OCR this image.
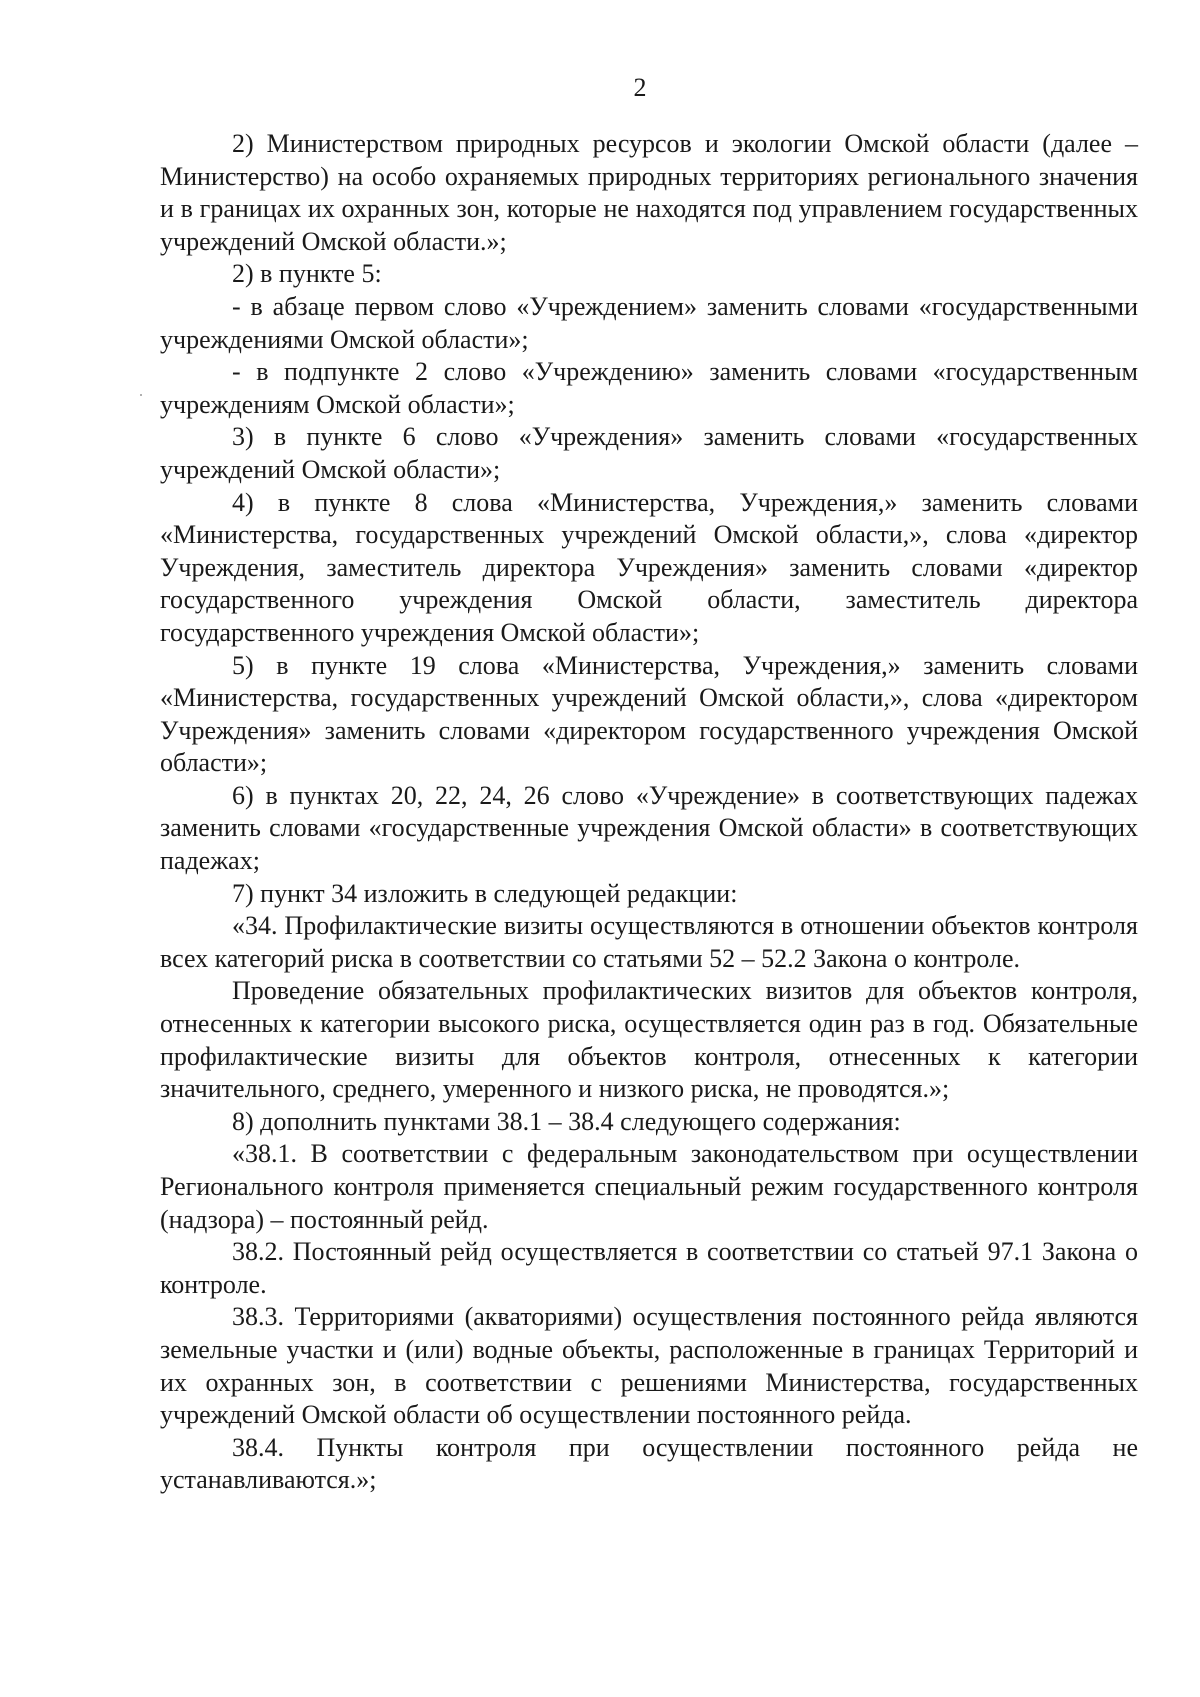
2

2) Министерством природных ресурсов и экологии Омской области (далее – Министерство) на особо охраняемых природных территориях регионального значения и в границах их охранных зон, которые не находятся под управлением государственных учреждений Омской области.»;

2) в пункте 5:

- в абзаце первом слово «Учреждением» заменить словами «государственными учреждениями Омской области»;

- в подпункте 2 слово «Учреждению» заменить словами «государственным учреждениям Омской области»;

3) в пункте 6 слово «Учреждения» заменить словами «государственных учреждений Омской области»;

4) в пункте 8 слова «Министерства, Учреждения,» заменить словами «Министерства, государственных учреждений Омской области,», слова «директор Учреждения, заместитель директора Учреждения» заменить словами «директор государственного учреждения Омской области, заместитель директора государственного учреждения Омской области»;

5) в пункте 19 слова «Министерства, Учреждения,» заменить словами «Министерства, государственных учреждений Омской области,», слова «директором Учреждения» заменить словами «директором государственного учреждения Омской области»;

6) в пунктах 20, 22, 24, 26 слово «Учреждение» в соответствующих падежах заменить словами «государственные учреждения Омской области» в соответствующих падежах;

7) пункт 34 изложить в следующей редакции:

«34. Профилактические визиты осуществляются в отношении объектов контроля всех категорий риска в соответствии со статьями 52 – 52.2 Закона о контроле.

Проведение обязательных профилактических визитов для объектов контроля, отнесенных к категории высокого риска, осуществляется один раз в год. Обязательные профилактические визиты для объектов контроля, отнесенных к категории значительного, среднего, умеренного и низкого риска, не проводятся.»;

8) дополнить пунктами 38.1 – 38.4 следующего содержания:

«38.1. В соответствии с федеральным законодательством при осуществлении Регионального контроля применяется специальный режим государственного контроля (надзора) – постоянный рейд.

38.2. Постоянный рейд осуществляется в соответствии со статьей 97.1 Закона о контроле.

38.3. Территориями (акваториями) осуществления постоянного рейда являются земельные участки и (или) водные объекты, расположенные в границах Территорий и их охранных зон, в соответствии с решениями Министерства, государственных учреждений Омской области об осуществлении постоянного рейда.

38.4. Пункты контроля при осуществлении постоянного рейда не устанавливаются.»;
